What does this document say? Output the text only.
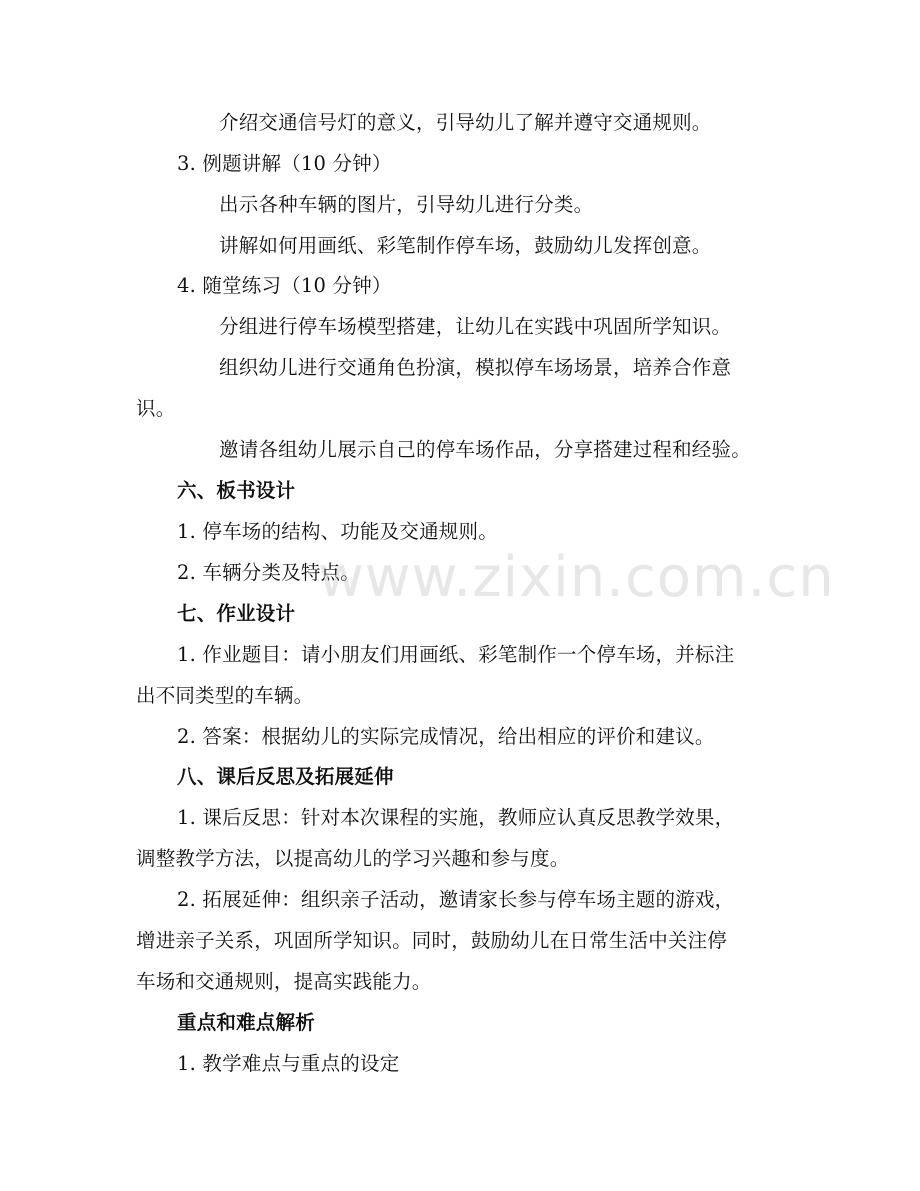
介绍交通信号灯的意义，引导幼儿了解并遵守交通规则。
3. 例题讲解（10 分钟）
出示各种车辆的图片，引导幼儿进行分类。
讲解如何用画纸、彩笔制作停车场，鼓励幼儿发挥创意。
4. 随堂练习（10 分钟）
分组进行停车场模型搭建，让幼儿在实践中巩固所学知识。
组织幼儿进行交通角色扮演，模拟停车场场景，培养合作意
识。
邀请各组幼儿展示自己的停车场作品，分享搭建过程和经验。
六、板书设计
1. 停车场的结构、功能及交通规则。
2. 车辆分类及特点。
七、作业设计
1. 作业题目：请小朋友们用画纸、彩笔制作一个停车场，并标注
出不同类型的车辆。
2. 答案：根据幼儿的实际完成情况，给出相应的评价和建议。
八、课后反思及拓展延伸
1. 课后反思：针对本次课程的实施，教师应认真反思教学效果，
调整教学方法，以提高幼儿的学习兴趣和参与度。
2. 拓展延伸：组织亲子活动，邀请家长参与停车场主题的游戏，
增进亲子关系，巩固所学知识。同时，鼓励幼儿在日常生活中关注停
车场和交通规则，提高实践能力。
重点和难点解析
1. 教学难点与重点的设定
www.zixin.com.cn
